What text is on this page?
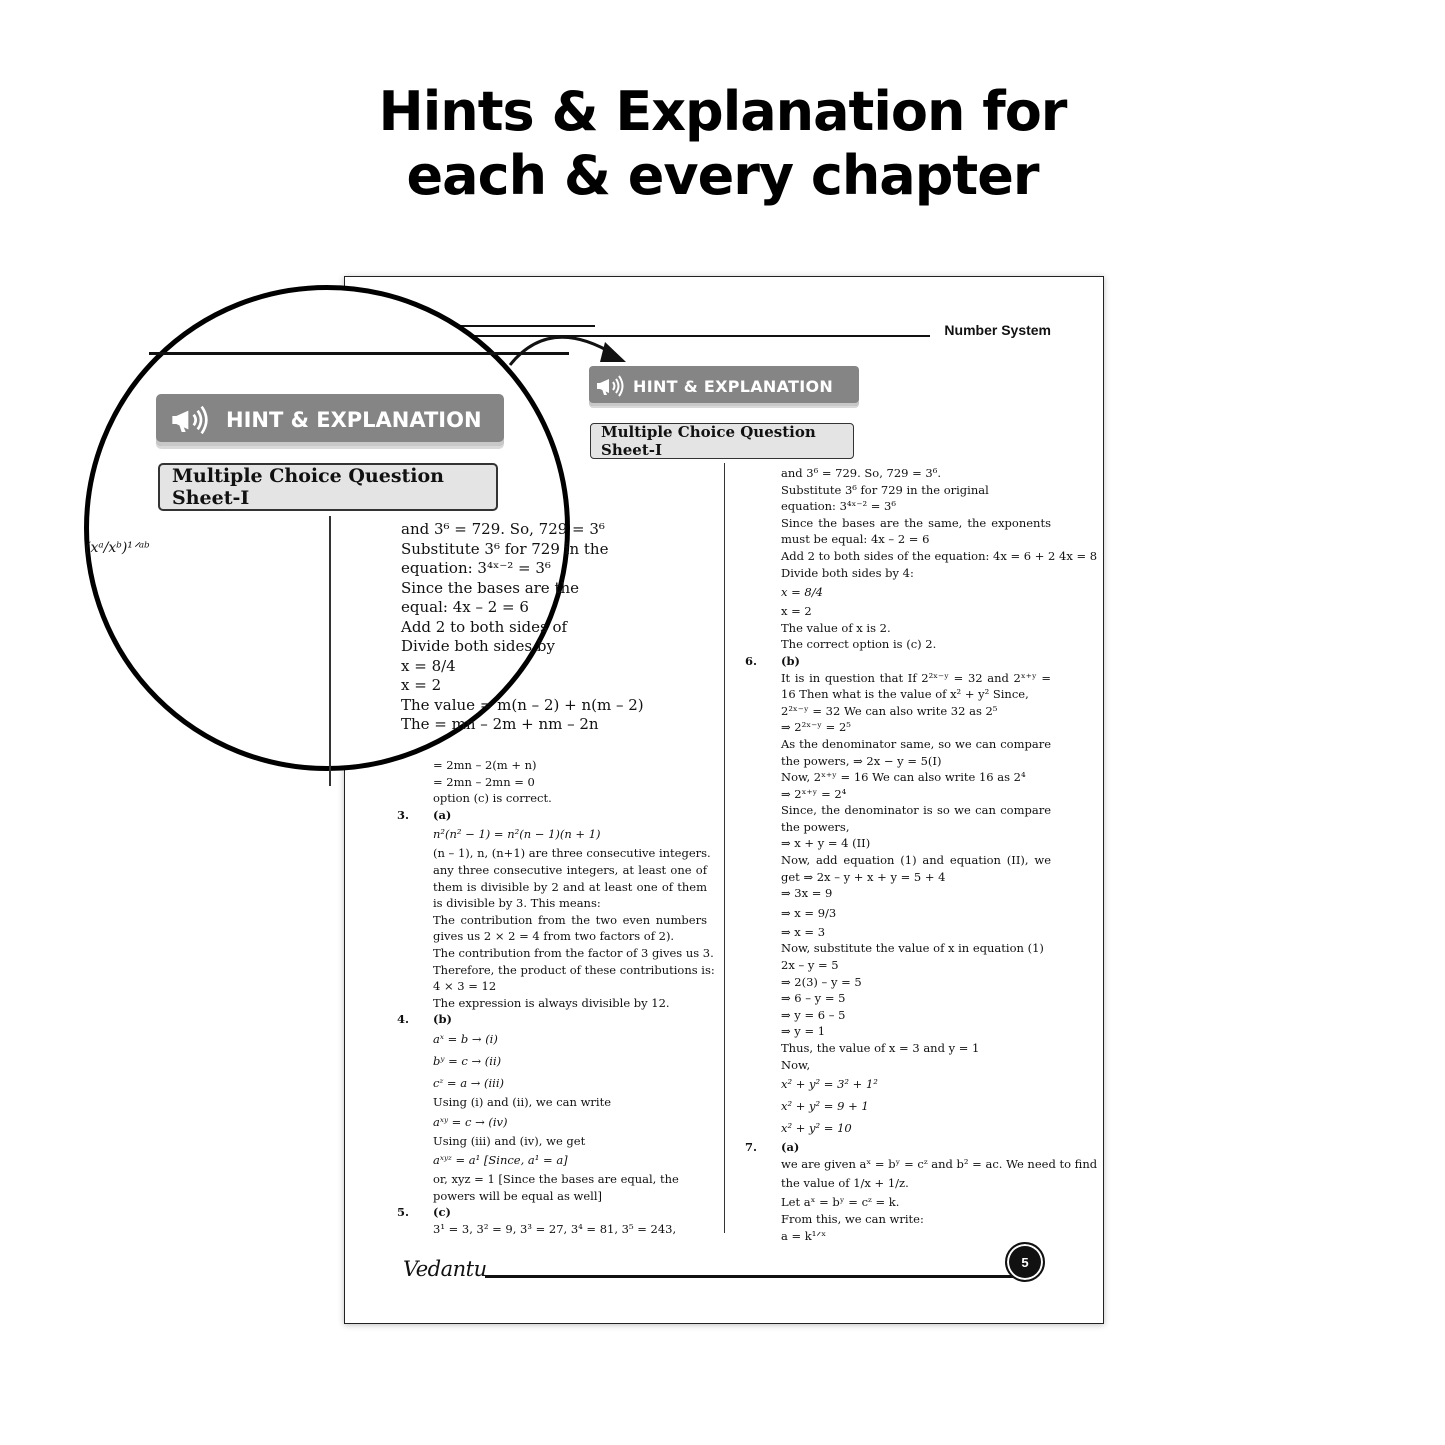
Hints & Explanation for
each & every chapter
Number System
HINT & EXPLANATION
Multiple Choice Question Sheet-I
= 2mn – 2(m + n)
= 2mn – 2mn = 0
option (c) is correct.
3. (a)
n²(n² − 1) = n²(n − 1)(n + 1)
(n – 1), n, (n+1) are three consecutive integers.
any three consecutive integers, at least one of them is divisible by 2 and at least one of them is divisible by 3. This means:
The contribution from the two even numbers gives us 2 × 2 = 4 from two factors of 2).
The contribution from the factor of 3 gives us 3.
Therefore, the product of these contributions is:
4 × 3 = 12
The expression is always divisible by 12.
4. (b)
aˣ = b → (i)
bʸ = c → (ii)
cᶻ = a → (iii)
Using (i) and (ii), we can write
aˣʸ = c → (iv)
Using (iii) and (iv), we get
aˣʸᶻ = a¹ [Since, a¹ = a]
or, xyz = 1 [Since the bases are equal, the
powers will be equal as well]
5. (c)
3¹ = 3, 3² = 9, 3³ = 27, 3⁴ = 81, 3⁵ = 243,
and 3⁶ = 729. So, 729 = 3⁶.
Substitute 3⁶ for 729 in the original
equation: 3⁴ˣ⁻² = 3⁶
Since the bases are the same, the exponents must be equal: 4x – 2 = 6
Add 2 to both sides of the equation: 4x = 6 + 2 4x = 8
Divide both sides by 4:
x = 8/4
x = 2
The value of x is 2.
The correct option is (c) 2.
6. (b)
It is in question that If 2²ˣ⁻ʸ = 32 and 2ˣ⁺ʸ = 16 Then what is the value of x² + y² Since,
2²ˣ⁻ʸ = 32 We can also write 32 as 2⁵
⇒ 2²ˣ⁻ʸ = 2⁵
As the denominator same, so we can compare the powers, ⇒ 2x − y = 5(I)
Now, 2ˣ⁺ʸ = 16 We can also write 16 as 2⁴
⇒ 2ˣ⁺ʸ = 2⁴
Since, the denominator is so we can compare the powers,
⇒ x + y = 4 (II)
Now, add equation (1) and equation (II), we get ⇒ 2x – y + x + y = 5 + 4
⇒ 3x = 9
⇒ x = 9/3
⇒ x = 3
Now, substitute the value of x in equation (1)
2x – y = 5
⇒ 2(3) – y = 5
⇒ 6 – y = 5
⇒ y = 6 – 5
⇒ y = 1
Thus, the value of x = 3 and y = 1
Now,
x² + y² = 3² + 1²
x² + y² = 9 + 1
x² + y² = 10
7. (a)
we are given aˣ = bʸ = cᶻ and b² = ac. We need to find
the value of 1/x + 1/z.
Let aˣ = bʸ = cᶻ = k.
From this, we can write:
a = k¹ᐟˣ
Vedantu	5
HINT & EXPLANATION
Multiple Choice Question Sheet-I
(xᵃ/xᵇ)¹ᐟᵃᵇ
and 3⁶ = 729. So, 729 = 3⁶
Substitute 3⁶ for 729 in the
equation: 3⁴ˣ⁻² = 3⁶
Since the bases are the
equal: 4x – 2 = 6
Add 2 to both sides of
Divide both sides by
x = 8/4
x = 2
The value = m(n – 2) + n(m – 2)
The = mn – 2m + nm – 2n
